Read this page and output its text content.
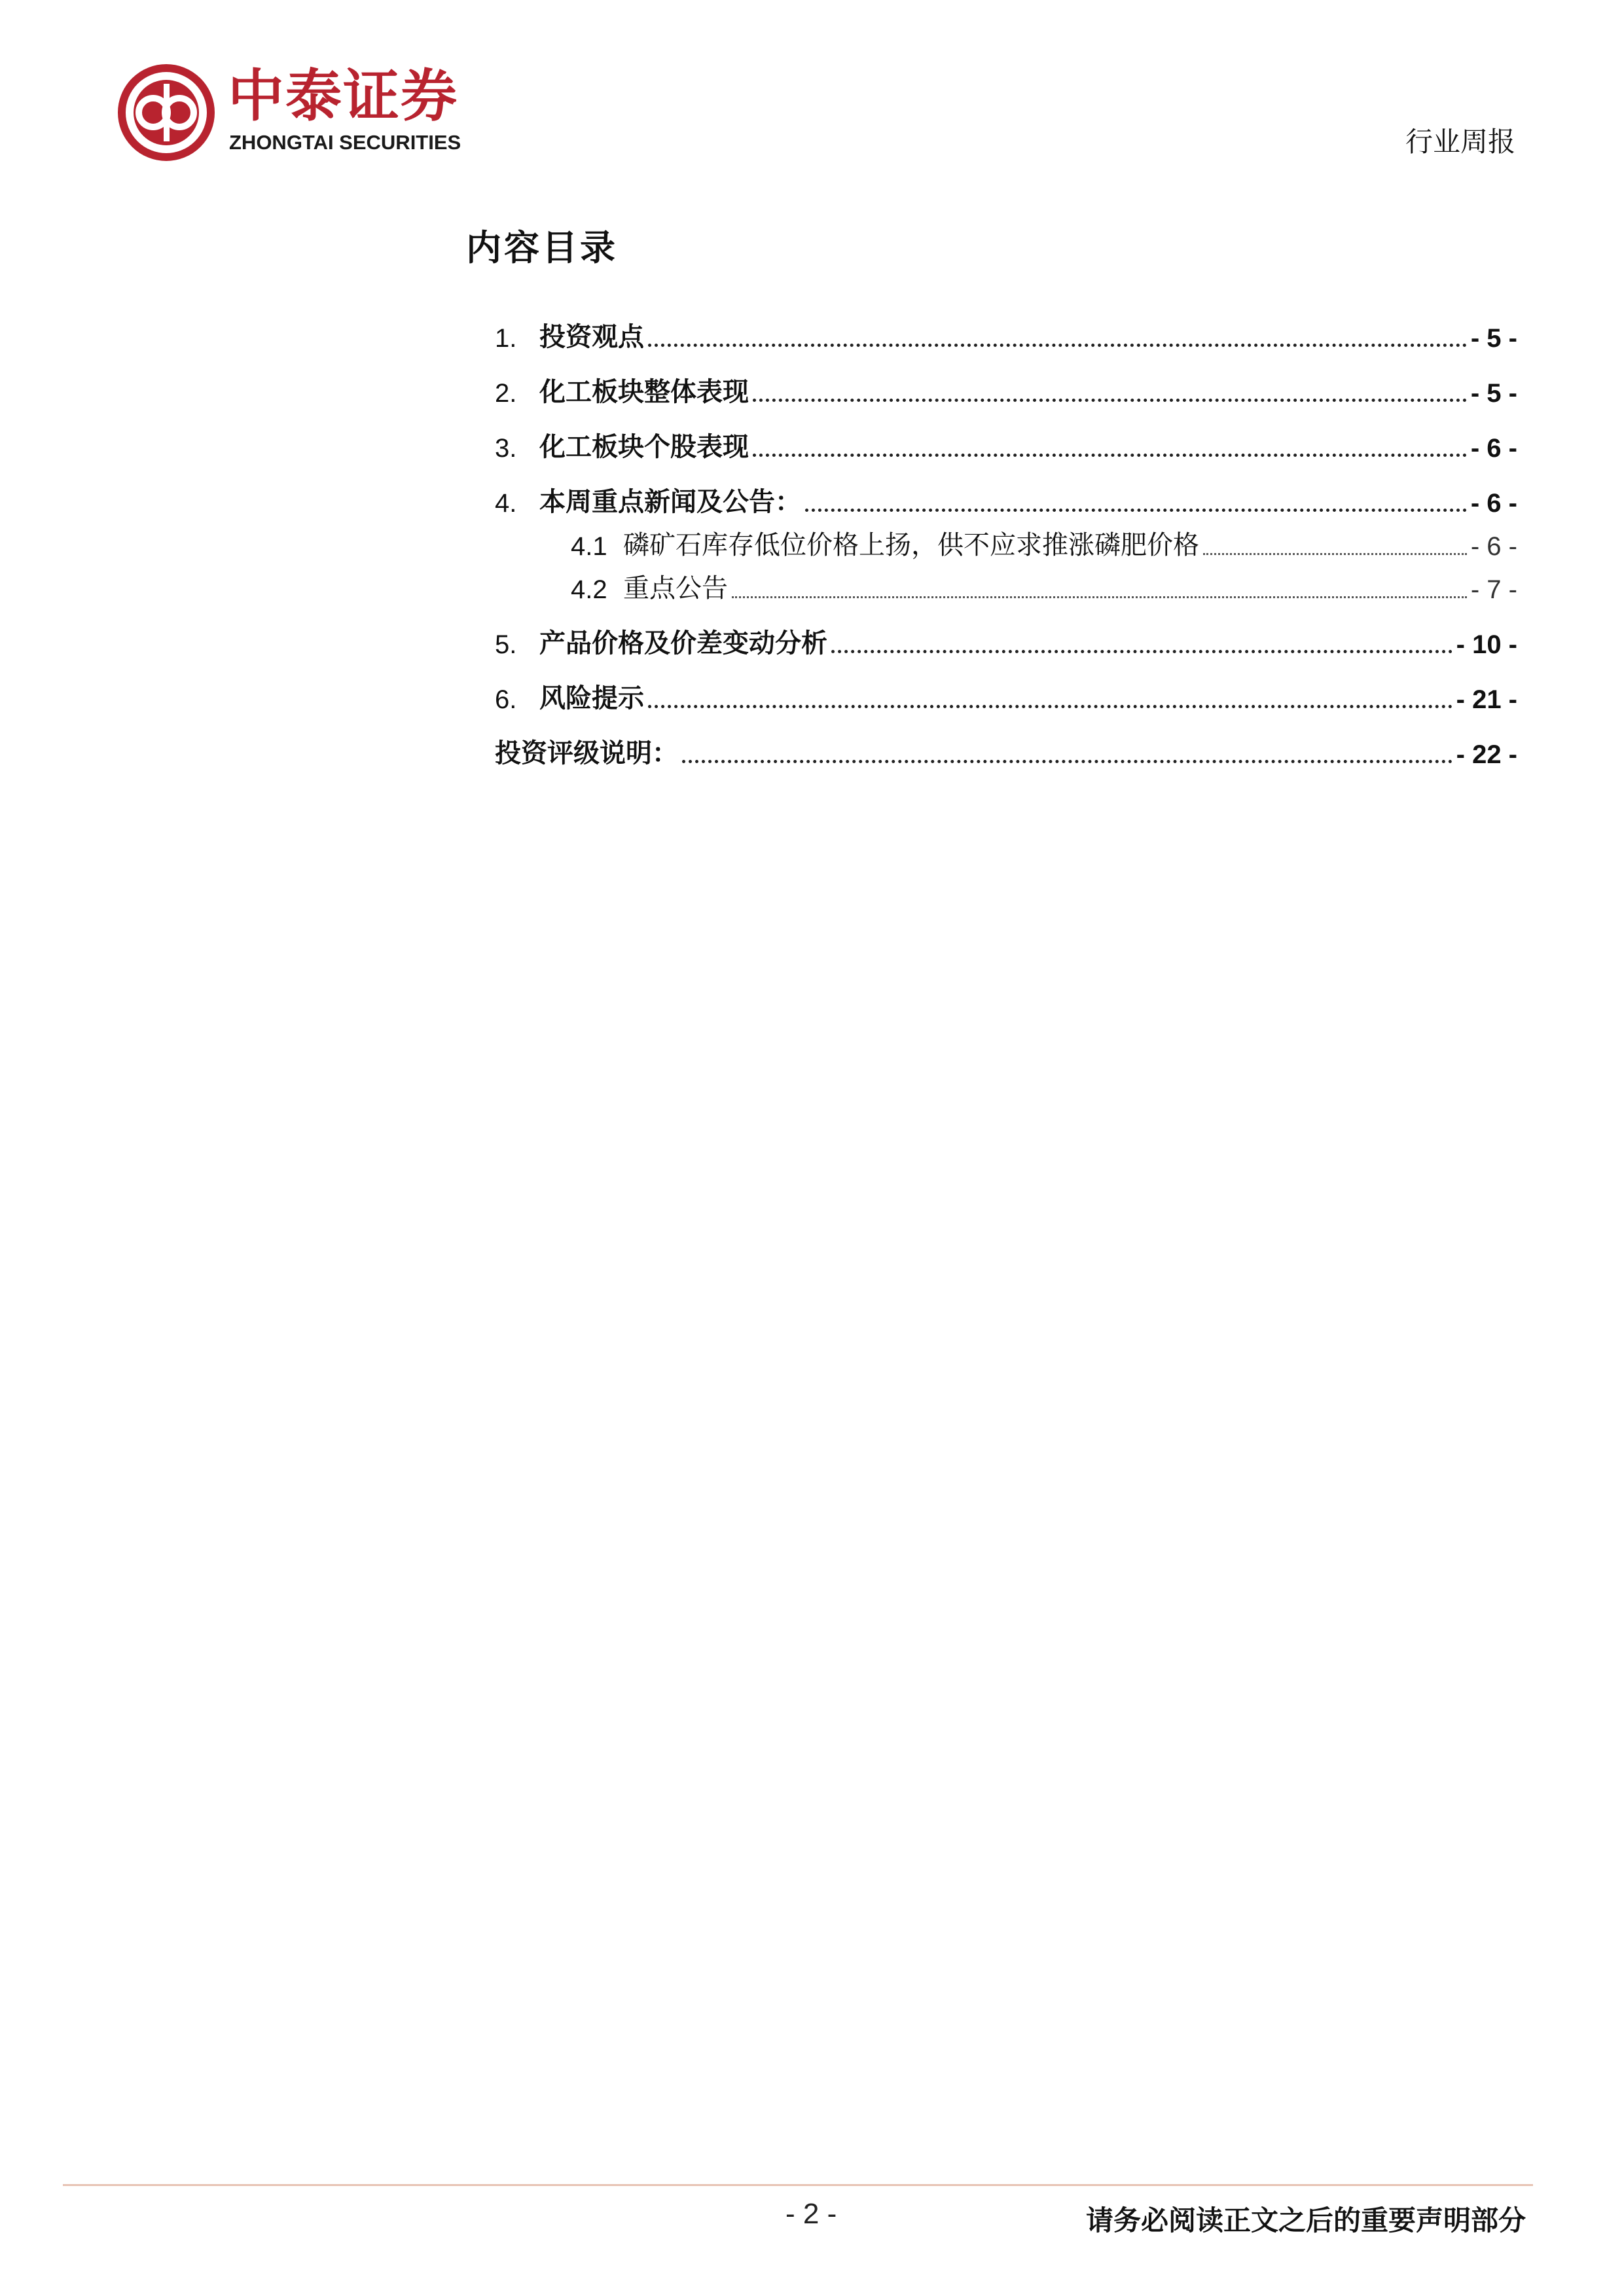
中泰证券
ZHONGTAI SECURITIES	行业周报
内容目录
1. 投资观点	- 5 -
2. 化工板块整体表现	- 5 -
3. 化工板块个股表现	- 6 -
4. 本周重点新闻及公告：	- 6 -
4.1 磷矿石库存低位价格上扬，供不应求推涨磷肥价格	- 6 -
4.2 重点公告	- 7 -
5. 产品价格及价差变动分析	- 10 -
6. 风险提示	- 21 -
投资评级说明：	- 22 -
- 2 -	请务必阅读正文之后的重要声明部分
